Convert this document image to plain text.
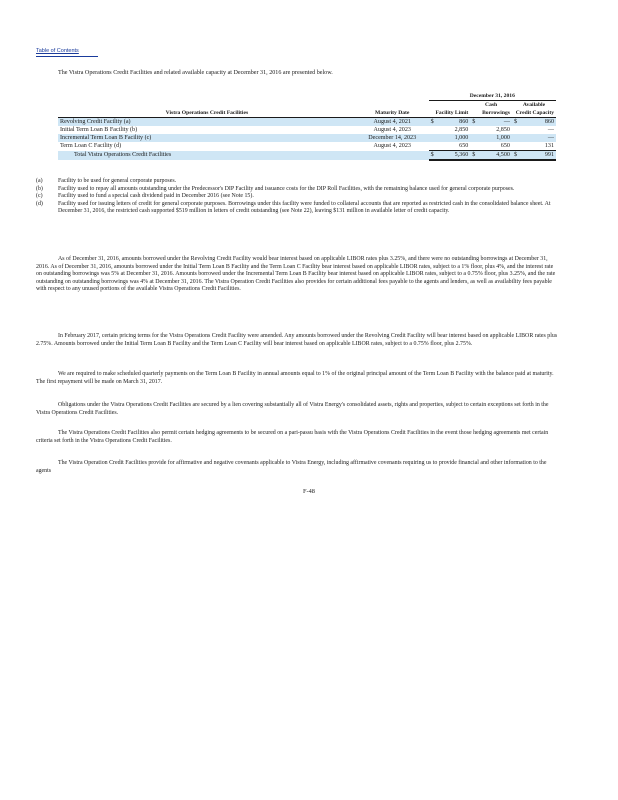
Table of Contents
The Vistra Operations Credit Facilities and related available capacity at December 31, 2016 are presented below.
		December 31, 2016					
				Cash		Available	
Vistra Operations Credit Facilities	Maturity Date	Facility Limit		Borrowings		Credit Capacity	
Revolving Credit Facility (a)	August 4, 2021	$	860	$	—	$	860
Initial Term Loan B Facility (b)	August 4, 2023		2,850		2,850		—
Incremental Term Loan B Facility (c)	December 14, 2023		1,000		1,000		—
Term Loan C Facility (d)	August 4, 2023		650		650		131
Total Vistra Operations Credit Facilities		$	5,360	$	4,500	$	991
(a)	Facility to be used for general corporate purposes.
(b)	Facility used to repay all amounts outstanding under the Predecessor's DIP Facility and issuance costs for the DIP Roll Facilities, with the remaining balance used for general corporate purposes.
(c)	Facility used to fund a special cash dividend paid in December 2016 (see Note 15).
(d)	Facility used for issuing letters of credit for general corporate purposes. Borrowings under this facility were funded to collateral accounts that are reported as restricted cash in the consolidated balance sheet. At December 31, 2016, the restricted cash supported $519 million in letters of credit outstanding (see Note 22), leaving $131 million in available letter of credit capacity.
As of December 31, 2016, amounts borrowed under the Revolving Credit Facility would bear interest based on applicable LIBOR rates plus 3.25%, and there were no outstanding borrowings at December 31, 2016. As of December 31, 2016, amounts borrowed under the Initial Term Loan B Facility and the Term Loan C Facility bear interest based on applicable LIBOR rates, subject to a 1% floor, plus 4%, and the interest rate on outstanding borrowings was 5% at December 31, 2016. Amounts borrowed under the Incremental Term Loan B Facility bear interest based on applicable LIBOR rates, subject to a 0.75% floor, plus 3.25%, and the rate outstanding on outstanding borrowings was 4% at December 31, 2016. The Vistra Operation Credit Facilities also provides for certain additional fees payable to the agents and lenders, as well as availability fees payable with respect to any unused portions of the available Vistra Operations Credit Facilities.
In February 2017, certain pricing terms for the Vistra Operations Credit Facility were amended. Any amounts borrowed under the Revolving Credit Facility will bear interest based on applicable LIBOR rates plus 2.75%. Amounts borrowed under the Initial Term Loan B Facility and the Term Loan C Facility will bear interest based on applicable LIBOR rates, subject to a 0.75% floor, plus 2.75%.
We are required to make scheduled quarterly payments on the Term Loan B Facility in annual amounts equal to 1% of the original principal amount of the Term Loan B Facility with the balance paid at maturity. The first repayment will be made on March 31, 2017.
Obligations under the Vistra Operations Credit Facilities are secured by a lien covering substantially all of Vistra Energy's consolidated assets, rights and properties, subject to certain exceptions set forth in the Vistra Operations Credit Facilities.
The Vistra Operations Credit Facilities also permit certain hedging agreements to be secured on a pari-passu basis with the Vistra Operations Credit Facilities in the event those hedging agreements met certain criteria set forth in the Vistra Operations Credit Facilities.
The Vistra Operation Credit Facilities provide for affirmative and negative covenants applicable to Vistra Energy, including affirmative covenants requiring us to provide financial and other information to the agents
F-48
